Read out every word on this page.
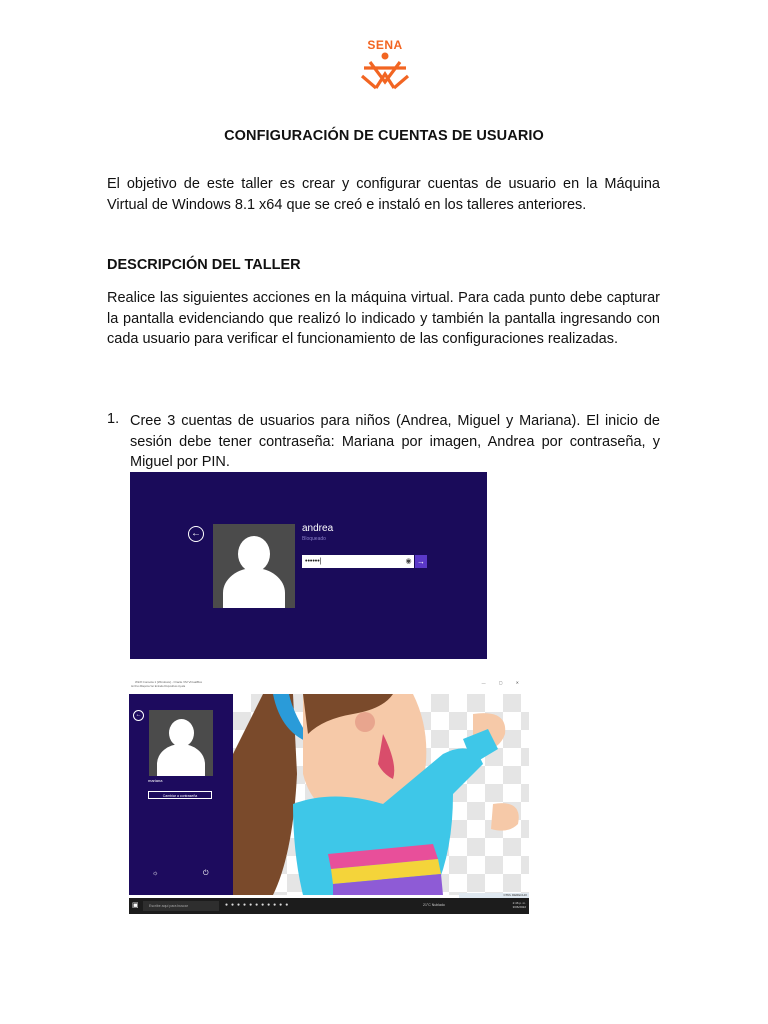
SENA
CONFIGURACIÓN DE CUENTAS DE USUARIO
El objetivo de este taller es crear y configurar cuentas de usuario en la Máquina Virtual de Windows 8.1 x64 que se creó e instaló en los talleres anteriores.
DESCRIPCIÓN DEL TALLER
Realice las siguientes acciones en la máquina virtual. Para cada punto debe capturar la pantalla evidenciando que realizó lo indicado y también la pantalla ingresando con cada usuario para verificar el funcionamiento de las configuraciones realizadas.
1. Cree 3 cuentas de usuarios para niños (Andrea, Miguel y Mariana). El inicio de sesión debe tener contraseña: Mariana por imagen, Andrea por contraseña, y Miguel por PIN.
←	andrea
Bloqueado
••••••|	◉ →
Win8 Consola 1 [Windows] - Oracle VM VirtualBox
Archivo Máquina Ver Entrada Dispositivos Ayuda
— ▢ ✕
←
mariana
Cambiar a contraseña
☼	⏻
CTRL DERECHO
▣	Escribe aquí para buscar	●●●●●●●●●●●	21°C Nublado	2:46 p. m.
3/06/2022
